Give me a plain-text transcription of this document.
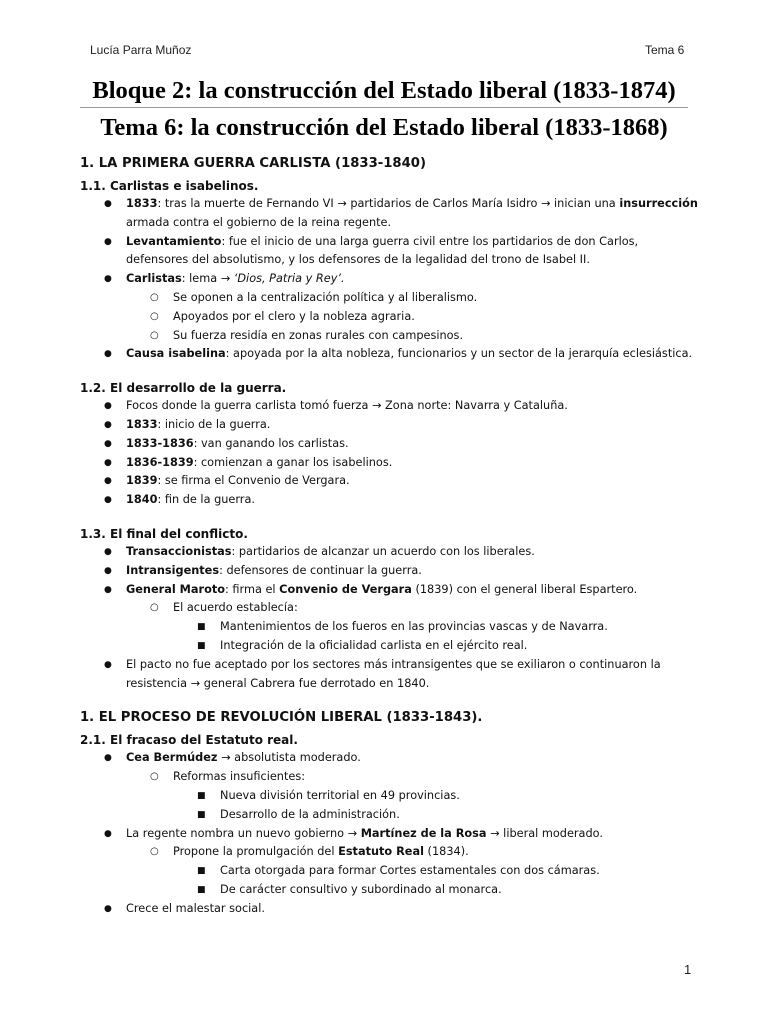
Lucía Parra Muñoz	Tema 6
Bloque 2: la construcción del Estado liberal (1833-1874)
Tema 6: la construcción del Estado liberal (1833-1868)
1. LA PRIMERA GUERRA CARLISTA (1833-1840)
1.1. Carlistas e isabelinos.
● 1833: tras la muerte de Fernando VI → partidarios de Carlos María Isidro → inician una insurrección armada contra el gobierno de la reina regente.
● Levantamiento: fue el inicio de una larga guerra civil entre los partidarios de don Carlos, defensores del absolutismo, y los defensores de la legalidad del trono de Isabel II.
● Carlistas: lema → ‘Dios, Patria y Rey’.
○ Se oponen a la centralización política y al liberalismo.
○ Apoyados por el clero y la nobleza agraria.
○ Su fuerza residía en zonas rurales con campesinos.
● Causa isabelina: apoyada por la alta nobleza, funcionarios y un sector de la jerarquía eclesiástica.
1.2. El desarrollo de la guerra.
● Focos donde la guerra carlista tomó fuerza → Zona norte: Navarra y Cataluña.
● 1833: inicio de la guerra.
● 1833-1836: van ganando los carlistas.
● 1836-1839: comienzan a ganar los isabelinos.
● 1839: se firma el Convenio de Vergara.
● 1840: fin de la guerra.
1.3. El final del conflicto.
● Transaccionistas: partidarios de alcanzar un acuerdo con los liberales.
● Intransigentes: defensores de continuar la guerra.
● General Maroto: firma el Convenio de Vergara (1839) con el general liberal Espartero.
○ El acuerdo establecía:
■ Mantenimientos de los fueros en las provincias vascas y de Navarra.
■ Integración de la oficialidad carlista en el ejército real.
● El pacto no fue aceptado por los sectores más intransigentes que se exiliaron o continuaron la resistencia → general Cabrera fue derrotado en 1840.
1. EL PROCESO DE REVOLUCIÓN LIBERAL (1833-1843).
2.1. El fracaso del Estatuto real.
● Cea Bermúdez → absolutista moderado.
○ Reformas insuficientes:
■ Nueva división territorial en 49 provincias.
■ Desarrollo de la administración.
● La regente nombra un nuevo gobierno → Martínez de la Rosa → liberal moderado.
○ Propone la promulgación del Estatuto Real (1834).
■ Carta otorgada para formar Cortes estamentales con dos cámaras.
■ De carácter consultivo y subordinado al monarca.
● Crece el malestar social.
1
